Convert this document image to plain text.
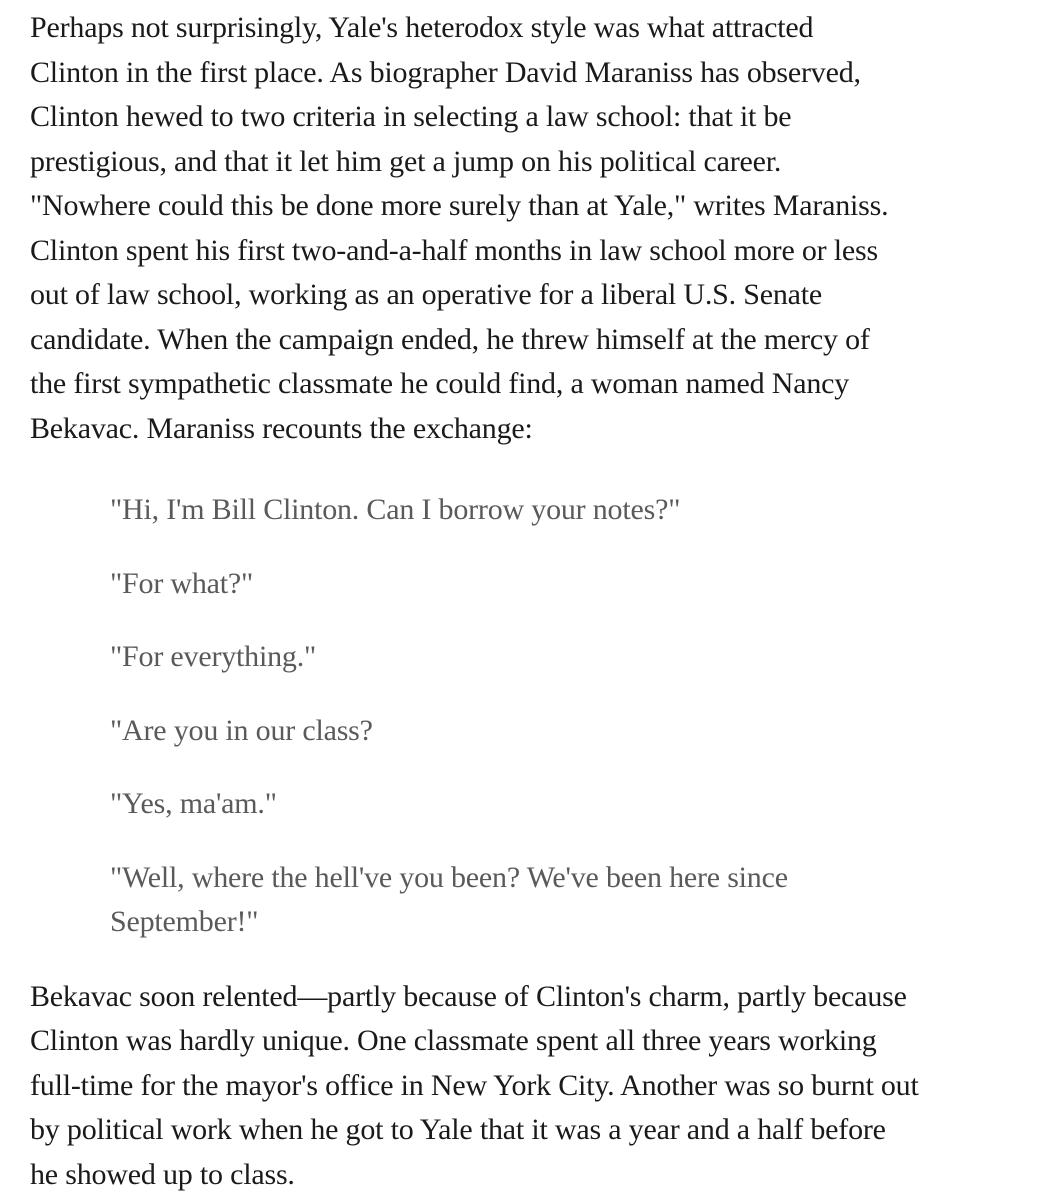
Perhaps not surprisingly, Yale's heterodox style was what attracted
Clinton in the first place. As biographer David Maraniss has observed,
Clinton hewed to two criteria in selecting a law school: that it be
prestigious, and that it let him get a jump on his political career.
"Nowhere could this be done more surely than at Yale," writes Maraniss.
Clinton spent his first two-and-a-half months in law school more or less
out of law school, working as an operative for a liberal U.S. Senate
candidate. When the campaign ended, he threw himself at the mercy of
the first sympathetic classmate he could find, a woman named Nancy
Bekavac. Maraniss recounts the exchange:

"Hi, I'm Bill Clinton. Can I borrow your notes?"

"For what?"

"For everything."

"Are you in our class?

"Yes, ma'am."

"Well, where the hell've you been? We've been here since
September!"

Bekavac soon relented—partly because of Clinton's charm, partly because
Clinton was hardly unique. One classmate spent all three years working
full-time for the mayor's office in New York City. Another was so burnt out
by political work when he got to Yale that it was a year and a half before
he showed up to class.
